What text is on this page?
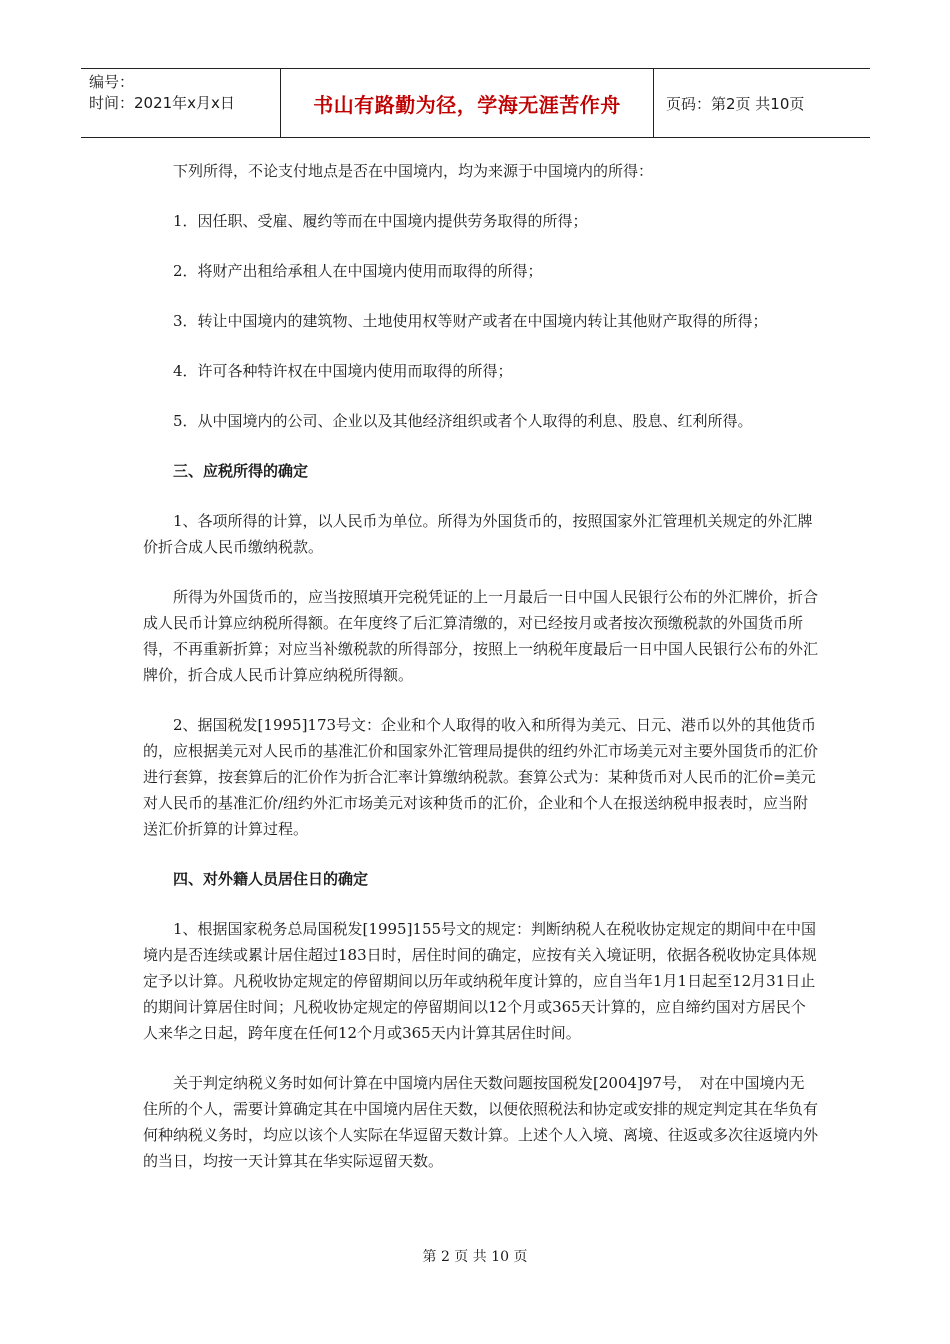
编号：
时间：2021年x月x日	书山有路勤为径，学海无涯苦作舟	页码：第2页 共10页

下列所得，不论支付地点是否在中国境内，均为来源于中国境内的所得：

1．因任职、受雇、履约等而在中国境内提供劳务取得的所得；

2．将财产出租给承租人在中国境内使用而取得的所得；

3．转让中国境内的建筑物、土地使用权等财产或者在中国境内转让其他财产取得的所得；

4．许可各种特许权在中国境内使用而取得的所得；

5．从中国境内的公司、企业以及其他经济组织或者个人取得的利息、股息、红利所得。

三、应税所得的确定

1、各项所得的计算，以人民币为单位。所得为外国货币的，按照国家外汇管理机关规定的外汇牌价折合成人民币缴纳税款。

所得为外国货币的，应当按照填开完税凭证的上一月最后一日中国人民银行公布的外汇牌价，折合成人民币计算应纳税所得额。在年度终了后汇算清缴的，对已经按月或者按次预缴税款的外国货币所得，不再重新折算；对应当补缴税款的所得部分，按照上一纳税年度最后一日中国人民银行公布的外汇牌价，折合成人民币计算应纳税所得额。

2、据国税发[1995]173号文：企业和个人取得的收入和所得为美元、日元、港币以外的其他货币的，应根据美元对人民币的基准汇价和国家外汇管理局提供的纽约外汇市场美元对主要外国货币的汇价进行套算，按套算后的汇价作为折合汇率计算缴纳税款。套算公式为：某种货币对人民币的汇价=美元对人民币的基准汇价/纽约外汇市场美元对该种货币的汇价，企业和个人在报送纳税申报表时，应当附送汇价折算的计算过程。

四、对外籍人员居住日的确定

1、根据国家税务总局国税发[1995]155号文的规定：判断纳税人在税收协定规定的期间中在中国境内是否连续或累计居住超过183日时，居住时间的确定，应按有关入境证明，依据各税收协定具体规定予以计算。凡税收协定规定的停留期间以历年或纳税年度计算的，应自当年1月1日起至12月31日止的期间计算居住时间；凡税收协定规定的停留期间以12个月或365天计算的，应自缔约国对方居民个人来华之日起，跨年度在任何12个月或365天内计算其居住时间。

关于判定纳税义务时如何计算在中国境内居住天数问题按国税发[2004]97号，　对在中国境内无住所的个人，需要计算确定其在中国境内居住天数，以便依照税法和协定或安排的规定判定其在华负有何种纳税义务时，均应以该个人实际在华逗留天数计算。上述个人入境、离境、往返或多次往返境内外的当日，均按一天计算其在华实际逗留天数。

第 2 页 共 10 页
